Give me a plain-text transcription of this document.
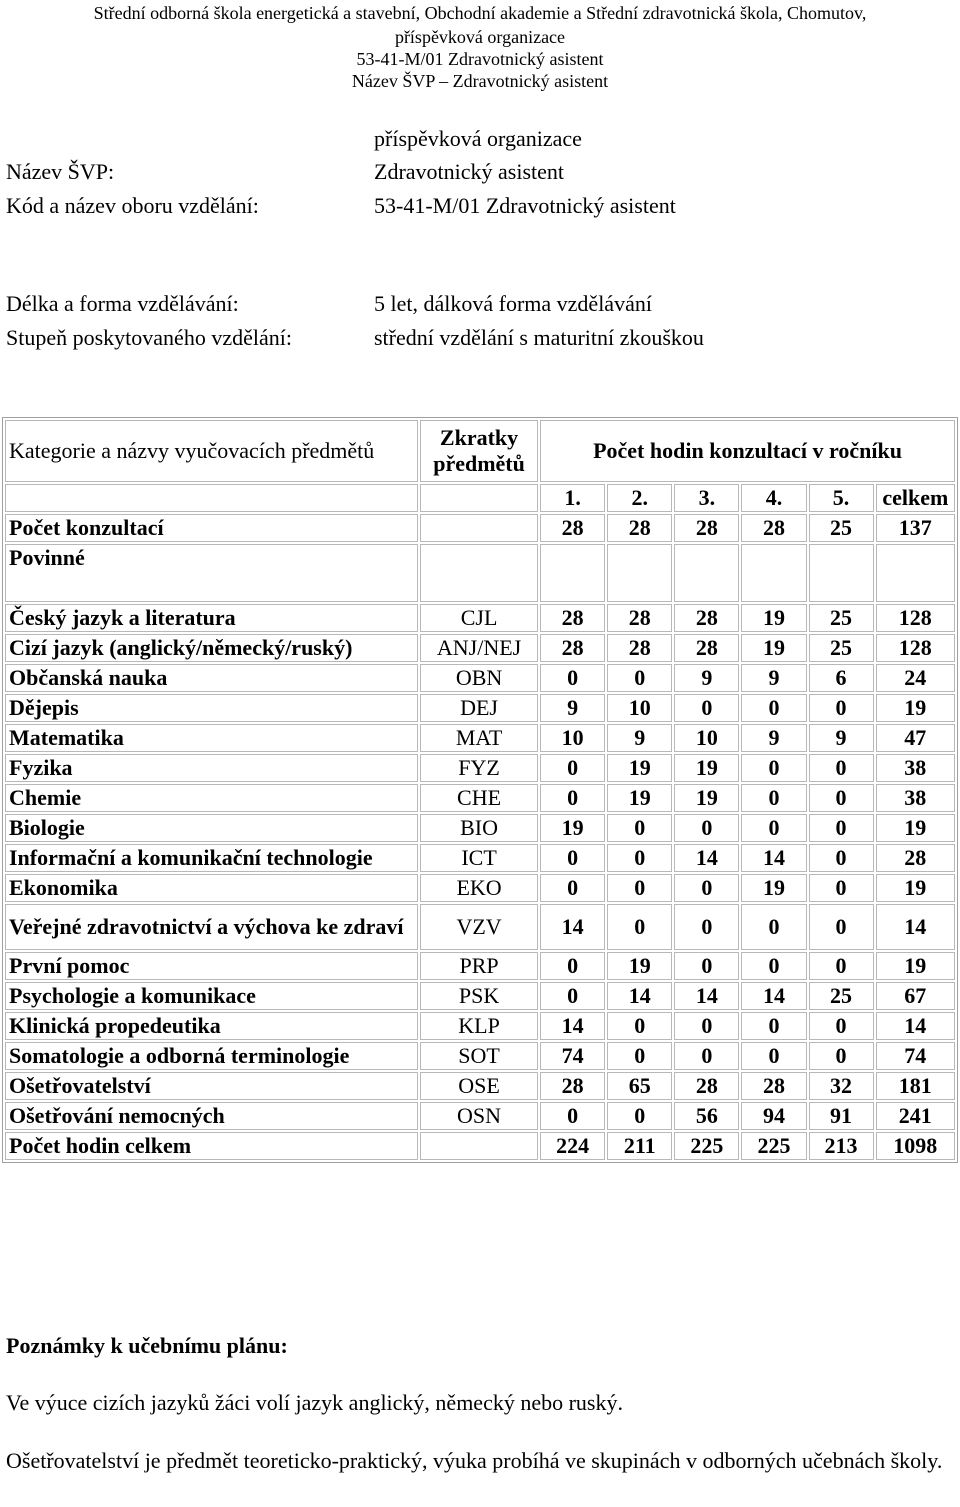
Střední odborná škola energetická a stavební, Obchodní akademie a Střední zdravotnická škola, Chomutov,
příspěvková organizace
53-41-M/01 Zdravotnický asistent
Název ŠVP – Zdravotnický asistent
příspěvková organizace
Název ŠVP:	Zdravotnický asistent
Kód a název oboru vzdělání:	53-41-M/01 Zdravotnický asistent
Délka a forma vzdělávání:	5 let, dálková forma vzdělávání
Stupeň poskytovaného vzdělání:	střední vzdělání s maturitní zkouškou
Kategorie a názvy vyučovacích předmětů	Zkratky předmětů	Počet hodin konzultací v ročníku					
		1.	2.	3.	4.	5.	celkem
Počet konzultací		28	28	28	28	25	137
Povinné							
Český jazyk a literatura	CJL	28	28	28	19	25	128
Cizí jazyk (anglický/německý/ruský)	ANJ/NEJ	28	28	28	19	25	128
Občanská nauka	OBN	0	0	9	9	6	24
Dějepis	DEJ	9	10	0	0	0	19
Matematika	MAT	10	9	10	9	9	47
Fyzika	FYZ	0	19	19	0	0	38
Chemie	CHE	0	19	19	0	0	38
Biologie	BIO	19	0	0	0	0	19
Informační a komunikační technologie	ICT	0	0	14	14	0	28
Ekonomika	EKO	0	0	0	19	0	19
Veřejné zdravotnictví a výchova ke zdraví	VZV	14	0	0	0	0	14
První pomoc	PRP	0	19	0	0	0	19
Psychologie a komunikace	PSK	0	14	14	14	25	67
Klinická propedeutika	KLP	14	0	0	0	0	14
Somatologie a odborná terminologie	SOT	74	0	0	0	0	74
Ošetřovatelství	OSE	28	65	28	28	32	181
Ošetřování nemocných	OSN	0	0	56	94	91	241
Počet hodin celkem		224	211	225	225	213	1098
Poznámky k učebnímu plánu:
Ve výuce cizích jazyků žáci volí jazyk anglický, německý nebo ruský.
Ošetřovatelství je předmět teoreticko-praktický, výuka probíhá ve skupinách v odborných učebnách školy.
